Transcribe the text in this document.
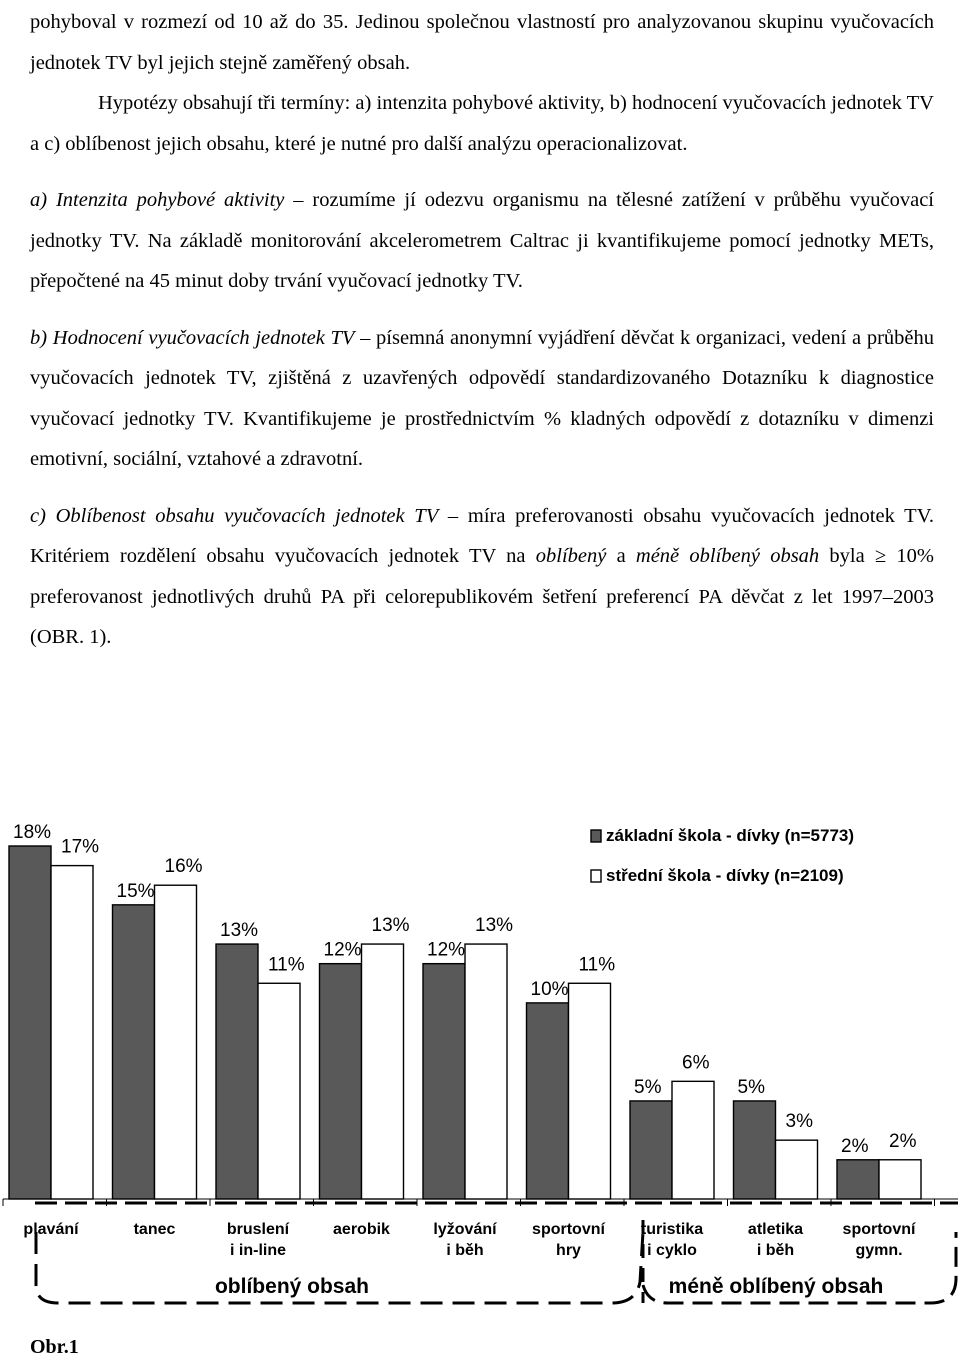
pohyboval v rozmezí od 10 až do 35. Jedinou společnou vlastností pro analyzovanou skupinu vyučovacích jednotek TV byl jejich stejně zaměřený obsah.

Hypotézy obsahují tři termíny: a) intenzita pohybové aktivity, b) hodnocení vyučovacích jednotek TV a c) oblíbenost jejich obsahu, které je nutné pro další analýzu operacionalizovat.

a) Intenzita pohybové aktivity – rozumíme jí odezvu organismu na tělesné zatížení v průběhu vyučovací jednotky TV. Na základě monitorování akcelerometrem Caltrac ji kvantifikujeme pomocí jednotky METs, přepočtené na 45 minut doby trvání vyučovací jednotky TV.

b) Hodnocení vyučovacích jednotek TV – písemná anonymní vyjádření děvčat k organizaci, vedení a průběhu vyučovacích jednotek TV, zjištěná z uzavřených odpovědí standardizovaného Dotazníku k diagnostice vyučovací jednotky TV. Kvantifikujeme je prostřednictvím % kladných odpovědí z dotazníku v dimenzi emotivní, sociální, vztahové a zdravotní.

c) Oblíbenost obsahu vyučovacích jednotek TV – míra preferovanosti obsahu vyučovacích jednotek TV. Kritériem rozdělení obsahu vyučovacích jednotek TV na oblíbený a méně oblíbený obsah byla ≥ 10% preferovanost jednotlivých druhů PA při celorepublikovém šetření preferencí PA děvčat z let 1997–2003 (OBR. 1).

18%
15%
13%
12%	12%
10%
5%	5%
2%
17%
16%
11%
13%	13%
11%
6%
3%
2%
plavání	tanec	bruslení
i in-line
aerobik	lyžování
i běh
sportovní
hry
turistika
i cyklo
atletika
i běh
sportovní
gymn.
základní škola - dívky (n=5773)
střední škola - dívky (n=2109)
oblíbený obsah	méně oblíbený obsah
Obr.1
